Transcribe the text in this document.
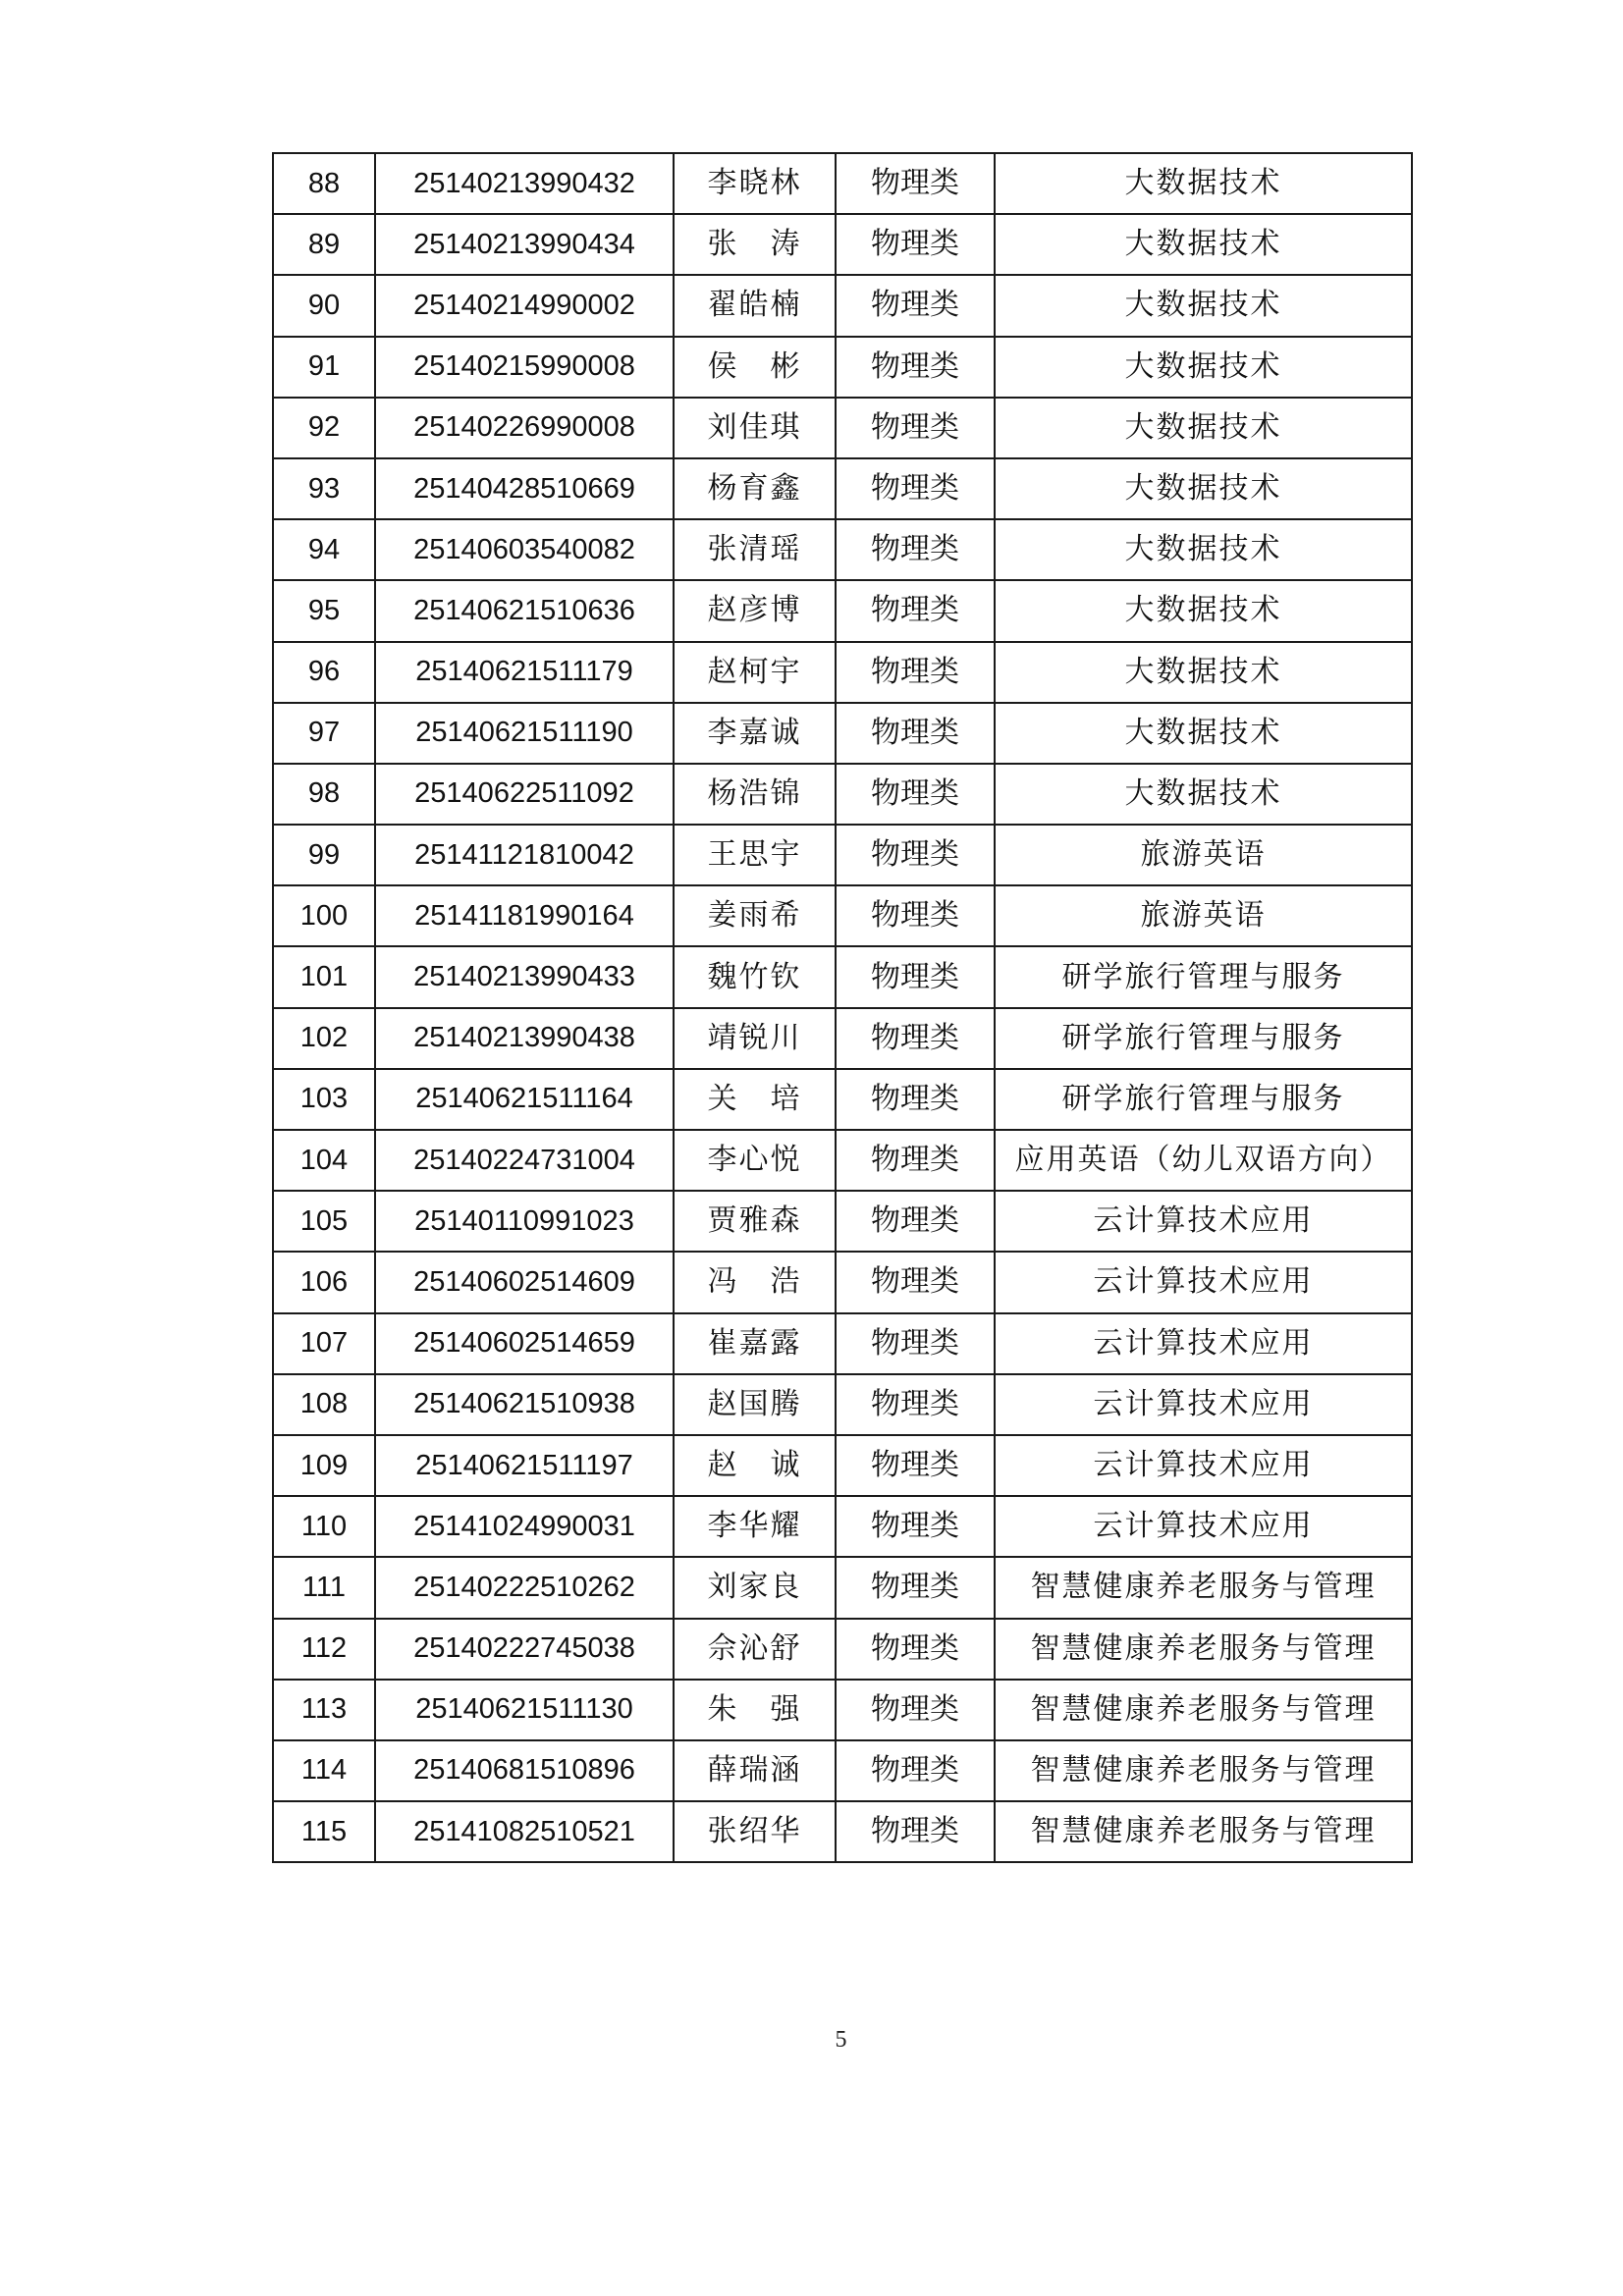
88	25140213990432	李晓林	物理类	大数据技术
89	25140213990434	张　涛	物理类	大数据技术
90	25140214990002	翟皓楠	物理类	大数据技术
91	25140215990008	侯　彬	物理类	大数据技术
92	25140226990008	刘佳琪	物理类	大数据技术
93	25140428510669	杨育鑫	物理类	大数据技术
94	25140603540082	张清瑶	物理类	大数据技术
95	25140621510636	赵彦博	物理类	大数据技术
96	25140621511179	赵柯宇	物理类	大数据技术
97	25140621511190	李嘉诚	物理类	大数据技术
98	25140622511092	杨浩锦	物理类	大数据技术
99	25141121810042	王思宇	物理类	旅游英语
100	25141181990164	姜雨希	物理类	旅游英语
101	25140213990433	魏竹钦	物理类	研学旅行管理与服务
102	25140213990438	靖锐川	物理类	研学旅行管理与服务
103	25140621511164	关　培	物理类	研学旅行管理与服务
104	25140224731004	李心悦	物理类	应用英语（幼儿双语方向）
105	25140110991023	贾雅森	物理类	云计算技术应用
106	25140602514609	冯　浩	物理类	云计算技术应用
107	25140602514659	崔嘉露	物理类	云计算技术应用
108	25140621510938	赵国腾	物理类	云计算技术应用
109	25140621511197	赵　诚	物理类	云计算技术应用
110	25141024990031	李华耀	物理类	云计算技术应用
111	25140222510262	刘家良	物理类	智慧健康养老服务与管理
112	25140222745038	佘沁舒	物理类	智慧健康养老服务与管理
113	25140621511130	朱　强	物理类	智慧健康养老服务与管理
114	25140681510896	薛瑞涵	物理类	智慧健康养老服务与管理
115	25141082510521	张绍华	物理类	智慧健康养老服务与管理
5
